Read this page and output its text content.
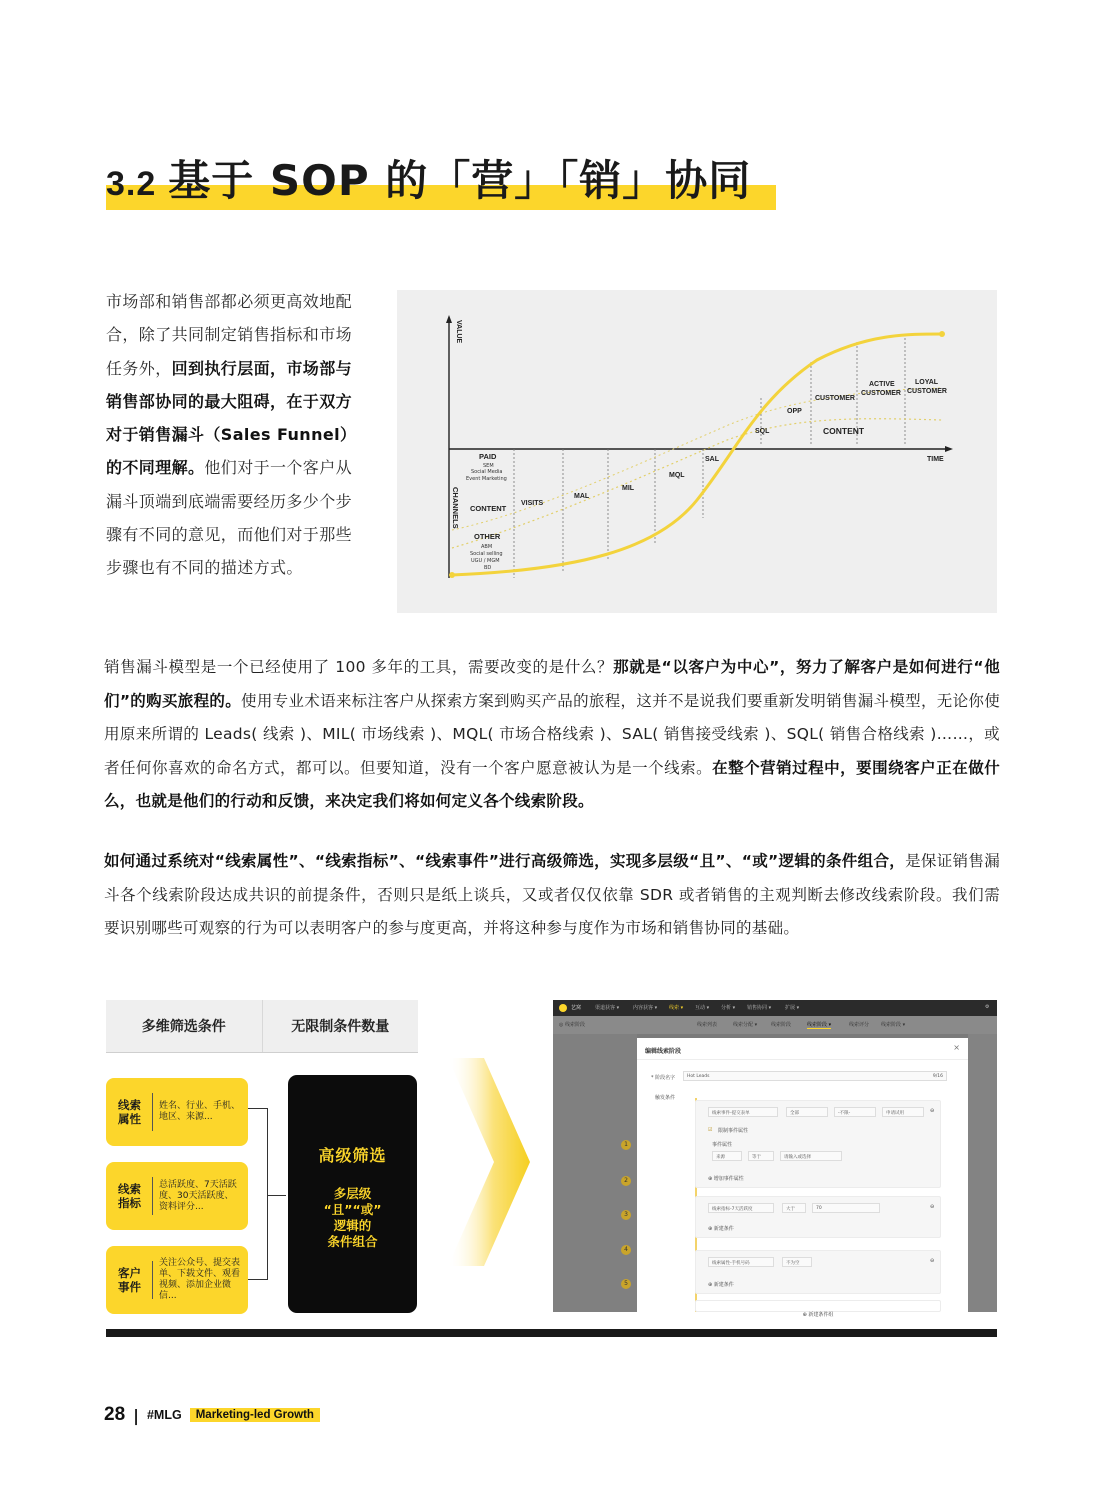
3.2 基于 SOP 的「营」「销」协同
市场部和销售部都必须更高效地配合，除了共同制定销售指标和市场任务外，回到执行层面，市场部与销售部协同的最大阻碍，在于双方对于销售漏斗（Sales Funnel）的不同理解。他们对于一个客户从漏斗顶端到底端需要经历多少个步骤有不同的意见，而他们对于那些步骤也有不同的描述方式。
VALUE
TIME
CHANNELS
PAID
SEM
Social Media
Event Marketing
CONTENT
OTHER
ABM
Social selling
UGU / MGM
BD
VISITS
MAL
MIL
MQL
SAL
SQL
OPP
CUSTOMER
ACTIVE
CUSTOMER
LOYAL
CUSTOMER
CONTENT
销售漏斗模型是一个已经使用了 100 多年的工具，需要改变的是什么？那就是“以客户为中心”，努力了解客户是如何进行“他们”的购买旅程的。使用专业术语来标注客户从探索方案到购买产品的旅程，这并不是说我们要重新发明销售漏斗模型，无论你使用原来所谓的 Leads( 线索 )、MIL( 市场线索 )、MQL( 市场合格线索 )、SAL( 销售接受线索 )、SQL( 销售合格线索 )……，或者任何你喜欢的命名方式，都可以。但要知道，没有一个客户愿意被认为是一个线索。在整个营销过程中，要围绕客户正在做什么，也就是他们的行动和反馈，来决定我们将如何定义各个线索阶段。
如何通过系统对“线索属性”、“线索指标”、“线索事件”进行高级筛选，实现多层级“且”、“或”逻辑的条件组合，是保证销售漏斗各个线索阶段达成共识的前提条件，否则只是纸上谈兵，又或者仅仅依靠 SDR 或者销售的主观判断去修改线索阶段。我们需要识别哪些可观察的行为可以表明客户的参与度更高，并将这种参与度作为市场和销售协同的基础。
多维筛选条件	无限制条件数量
线索属性
姓名、行业、手机、地区、来源...
线索指标
总活跃度、7天活跃度、30天活跃度、资料评分...
客户事件
关注公众号、提交表单、下载文件、观看视频、添加企业微信...
高级筛选
多层级
“且”“或”
逻辑的
条件组合
艺窝	渠道获客 ▾	内容获客 ▾ 线索 ▾ 互动 ▾ 分析 ▾ 销售协同 ▾	扩展 ▾	⚙
◎ 线索阶段	线索列表	线索分配 ▾	线索阶段	线索阶段 ▾	线索评分 线索阶段 ▾
1
2
3
4
5
编辑线索阶段	×
* 阶段名字	Hot Leads	9/16
触发条件
线索事件-提交表单	全部	-不限-	申请试用	⊖
☑ 限制事件属性
事件属性
来源	等于	请输入或选择
⊕ 增加事件属性
线索指标-7天活跃度	大于	70	⊖
⊕ 新建条件
线索属性-手机号码	不为空	⊖
⊕ 新建条件
⊕ 新建条件组
28 | #MLG	Marketing-led Growth
